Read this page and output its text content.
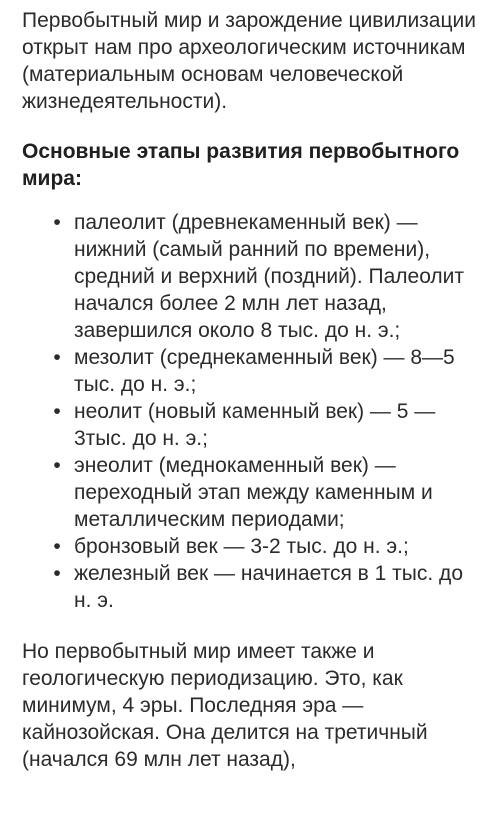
Первобытный мир и зарождение цивилизации открыт нам про археологическим источникам (материальным основам человеческой жизнедеятельности).

Основные этапы развития первобытного мира:

• палеолит (древнекаменный век) — нижний (самый ранний по времени), средний и верхний (поздний). Палеолит начался более 2 млн лет назад, завершился около 8 тыс. до н. э.;
• мезолит (среднекаменный век) — 8—5 тыс. до н. э.;
• неолит (новый каменный век) — 5 —3тыс. до н. э.;
• энеолит (меднокаменный век) — переходный этап между каменным и металлическим периодами;
• бронзовый век — 3-2 тыс. до н. э.;
• железный век — начинается в 1 тыс. до н. э.

Но первобытный мир имеет также и геологическую периодизацию. Это, как минимум, 4 эры. Последняя эра — кайнозойская. Она делится на третичный (начался 69 млн лет назад),
